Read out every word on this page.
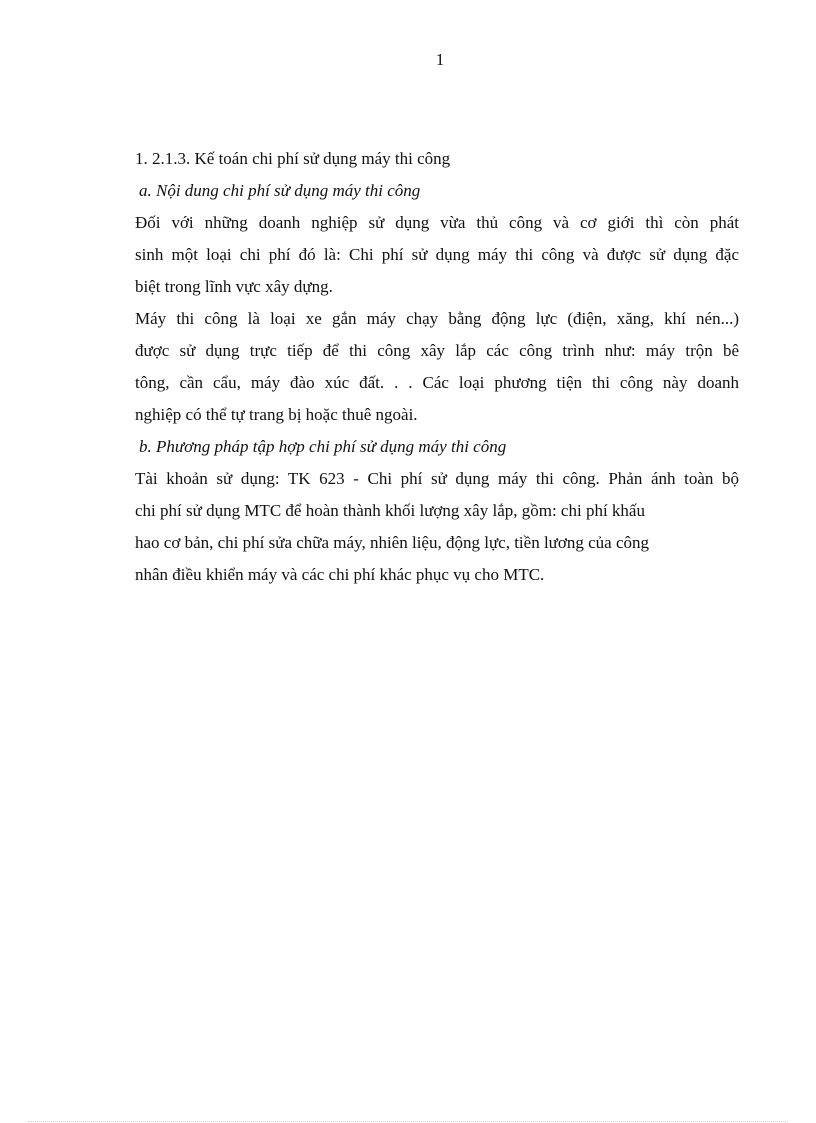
1

1. 2.1.3. Kế toán chi phí sử dụng máy thi công

a. Nội dung chi phí sử dụng máy thi công

Đối với những doanh nghiệp sử dụng vừa thủ công và cơ giới thì còn phát
sinh một loại chi phí đó là: Chi phí sử dụng máy thi công và được sử dụng đặc
biệt trong lĩnh vực xây dựng.

Máy thi công là loại xe gắn máy chạy bằng động lực (điện, xăng, khí nén...)
được sử dụng trực tiếp để thi công xây lắp các công trình như: máy trộn bê
tông, cần cẩu, máy đào xúc đất. . . Các loại phương tiện thi công này doanh
nghiệp có thể tự trang bị hoặc thuê ngoài.

b. Phương pháp tập hợp chi phí sử dụng máy thi công

Tài khoản sử dụng: TK 623 - Chi phí sử dụng máy thi công. Phản ánh toàn bộ
chi phí sử dụng MTC để hoàn thành khối lượng xây lắp, gồm: chi phí khấu
hao cơ bản, chi phí sửa chữa máy, nhiên liệu, động lực, tiền lương của công
nhân điều khiển máy và các chi phí khác phục vụ cho MTC.
